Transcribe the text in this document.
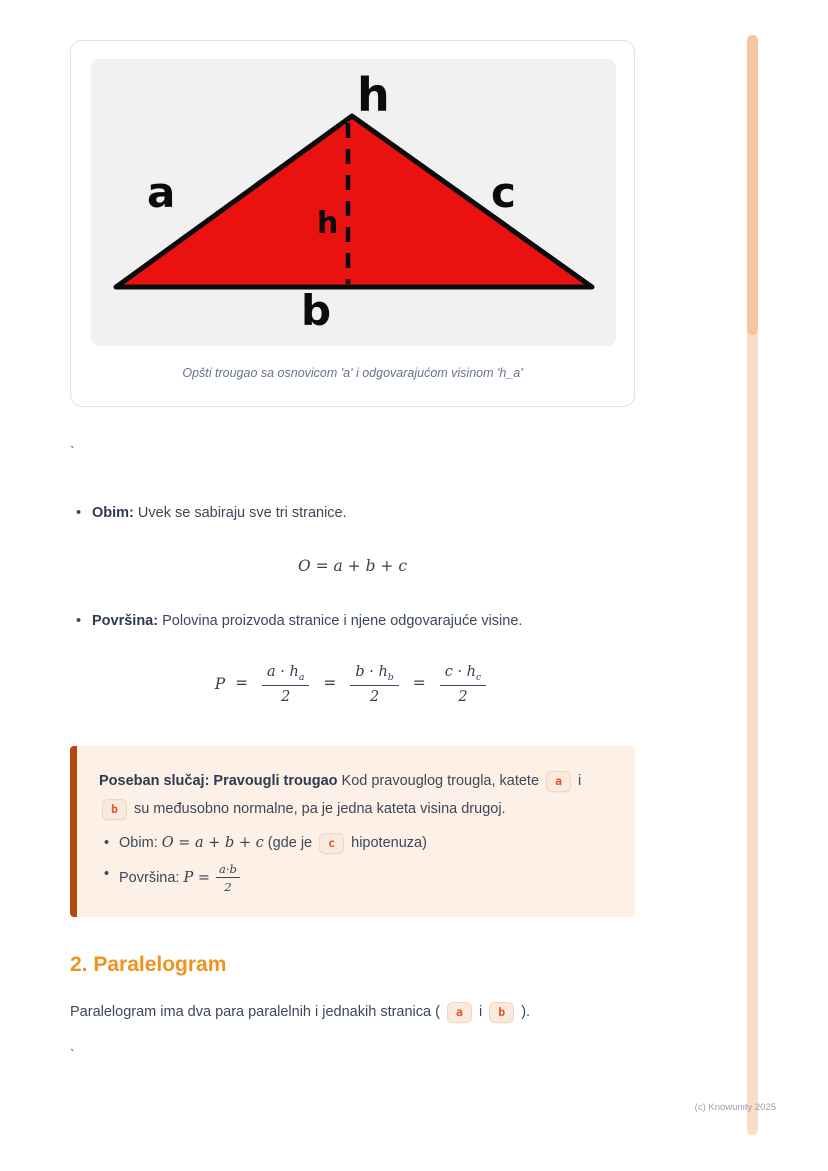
h
a	c
h
b
Opšti trougao sa osnovicom 'a' i odgovarajućom visinom 'h_a'
`
• Obim: Uvek se sabiraju sve tri stranice.
O = a + b + c
• Površina: Polovina proizvoda stranice i njene odgovarajuće visine.
$P = \frac{a \cdot h_a}{2} = \frac{b \cdot h_b}{2} = \frac{c \cdot h_c}{2}$
Poseban slučaj: Pravougli trougao Kod pravouglog trougla, katete a i b su međusobno normalne, pa je jedna kateta visina drugoj.
• Obim: O = a + b + c (gde je c hipotenuza)
• Površina: $P = \frac{a\cdot b}{2}$
2. Paralelogram

Paralelogram ima dva para paralelnih i jednakih stranica ( a i b ).

`
(c) Knowunity 2025
